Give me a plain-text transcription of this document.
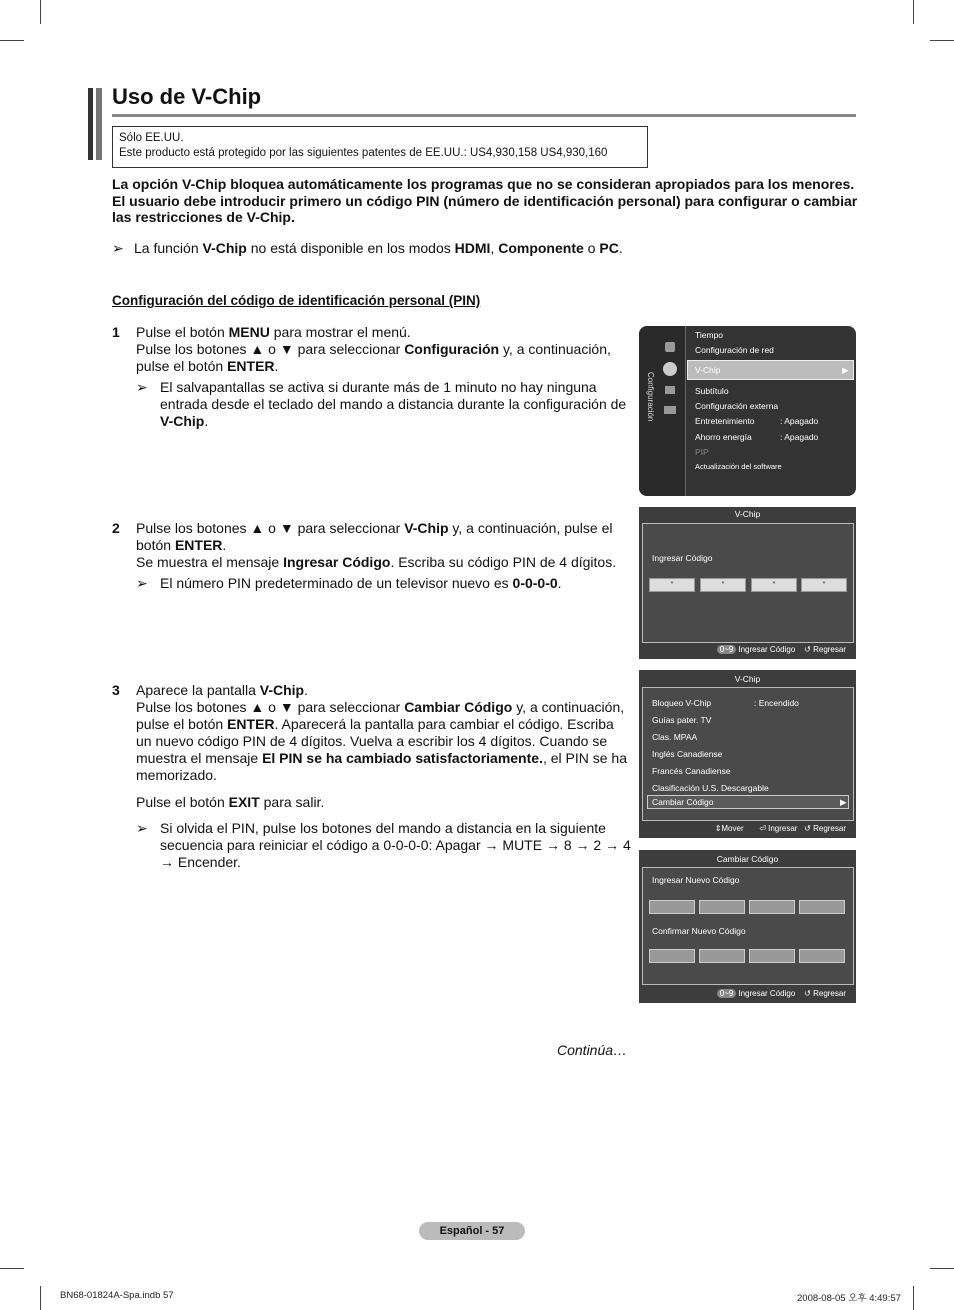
Uso de V-Chip
Sólo EE.UU.
Este producto está protegido por las siguientes patentes de EE.UU.: US4,930,158 US4,930,160
La opción V-Chip bloquea automáticamente los programas que no se consideran apropiados para los menores. El usuario debe introducir primero un código PIN (número de identificación personal) para configurar o cambiar las restricciones de V-Chip.
➢ La función V-Chip no está disponible en los modos HDMI, Componente o PC.
Configuración del código de identificación personal (PIN)
1 Pulse el botón MENU para mostrar el menú.
Pulse los botones ▲ o ▼ para seleccionar Configuración y, a continuación, pulse el botón ENTER.
➢ El salvapantallas se activa si durante más de 1 minuto no hay ninguna entrada desde el teclado del mando a distancia durante la configuración de V-Chip.
2 Pulse los botones ▲ o ▼ para seleccionar V-Chip y, a continuación, pulse el botón ENTER.
Se muestra el mensaje Ingresar Código. Escriba su código PIN de 4 dígitos.
➢ El número PIN predeterminado de un televisor nuevo es 0-0-0-0.
3 Aparece la pantalla V-Chip.
Pulse los botones ▲ o ▼ para seleccionar Cambiar Código y, a continuación, pulse el botón ENTER. Aparecerá la pantalla para cambiar el código. Escriba un nuevo código PIN de 4 dígitos. Vuelva a escribir los 4 dígitos. Cuando se muestra el mensaje El PIN se ha cambiado satisfactoriamente., el PIN se ha memorizado.
Pulse el botón EXIT para salir.
➢ Si olvida el PIN, pulse los botones del mando a distancia en la siguiente secuencia para reiniciar el código a 0-0-0-0: Apagar → MUTE → 8 → 2 → 4 → Encender.
Tiempo
Configuración de red
V-Chip	▶
Subtítulo
Configuración externa
Entretenimiento	: Apagado
Ahorro energía	: Apagado
PIP
Actualización del software
V-Chip
Ingresar Código
*	*	*	*
0~9 Ingresar Código ↺ Regresar
V-Chip
Bloqueo V-Chip	: Encendido
Guías pater. TV
Clas. MPAA
Inglés Canadiense
Francés Canadiense
Clasificación U.S. Descargable
Cambiar Código	▶
⇕Mover ⏎ Ingresar ↺ Regresar
Cambiar Código
Ingresar Nuevo Código
Confirmar Nuevo Código
0~9 Ingresar Código ↺ Regresar
Continúa…
Español - 57
BN68-01824A-Spa.indb 57	2008-08-05 오후 4:49:57
